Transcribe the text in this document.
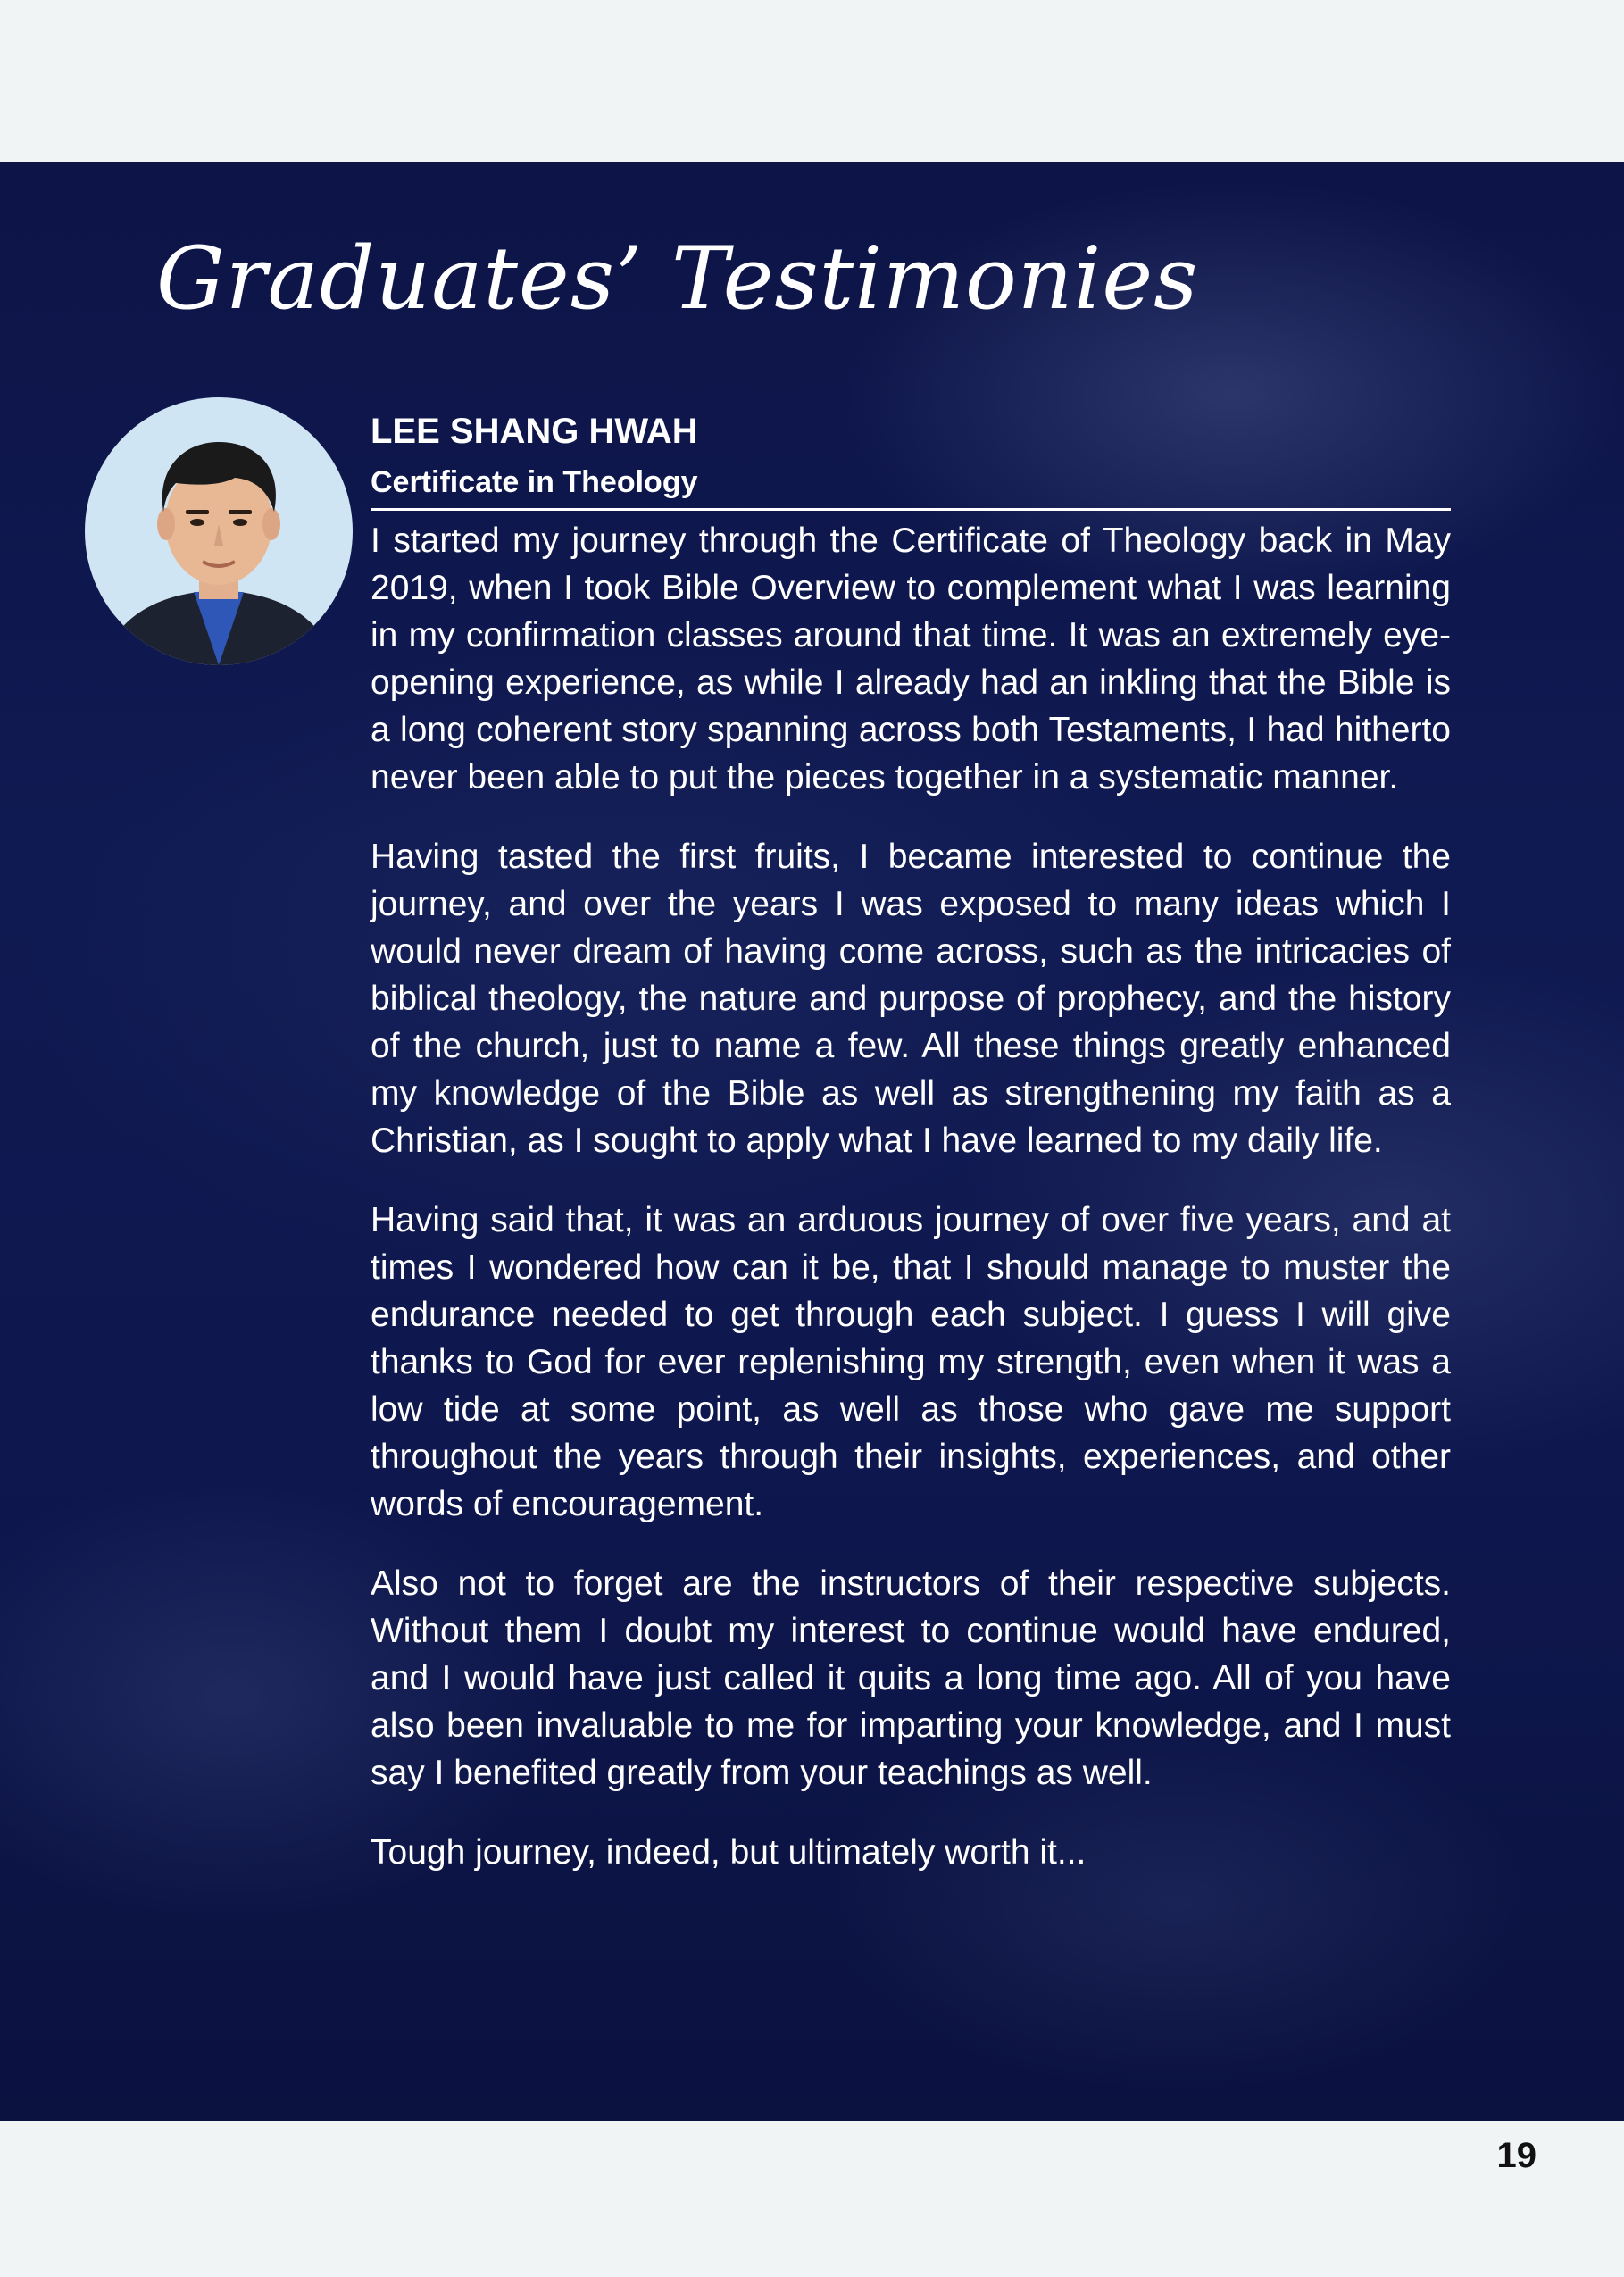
Graduates’ Testimonies
LEE SHANG HWAH
Certificate in Theology

I started my journey through the Certificate of Theology back in May 2019, when I took Bible Overview to complement what I was learning in my confirmation classes around that time. It was an extremely eye-opening experience, as while I already had an inkling that the Bible is a long coherent story spanning across both Testaments, I had hitherto never been able to put the pieces together in a systematic manner.

Having tasted the first fruits, I became interested to continue the journey, and over the years I was exposed to many ideas which I would never dream of having come across, such as the intricacies of biblical theology, the nature and purpose of prophecy, and the history of the church, just to name a few. All these things greatly enhanced my knowledge of the Bible as well as strengthening my faith as a Christian, as I sought to apply what I have learned to my daily life.

Having said that, it was an arduous journey of over five years, and at times I wondered how can it be, that I should manage to muster the endurance needed to get through each subject. I guess I will give thanks to God for ever replenishing my strength, even when it was a low tide at some point, as well as those who gave me support throughout the years through their insights, experiences, and other words of encouragement.

Also not to forget are the instructors of their respective subjects. Without them I doubt my interest to continue would have endured, and I would have just called it quits a long time ago. All of you have also been invaluable to me for imparting your knowledge, and I must say I benefited greatly from your teachings as well.

Tough journey, indeed, but ultimately worth it...

19
